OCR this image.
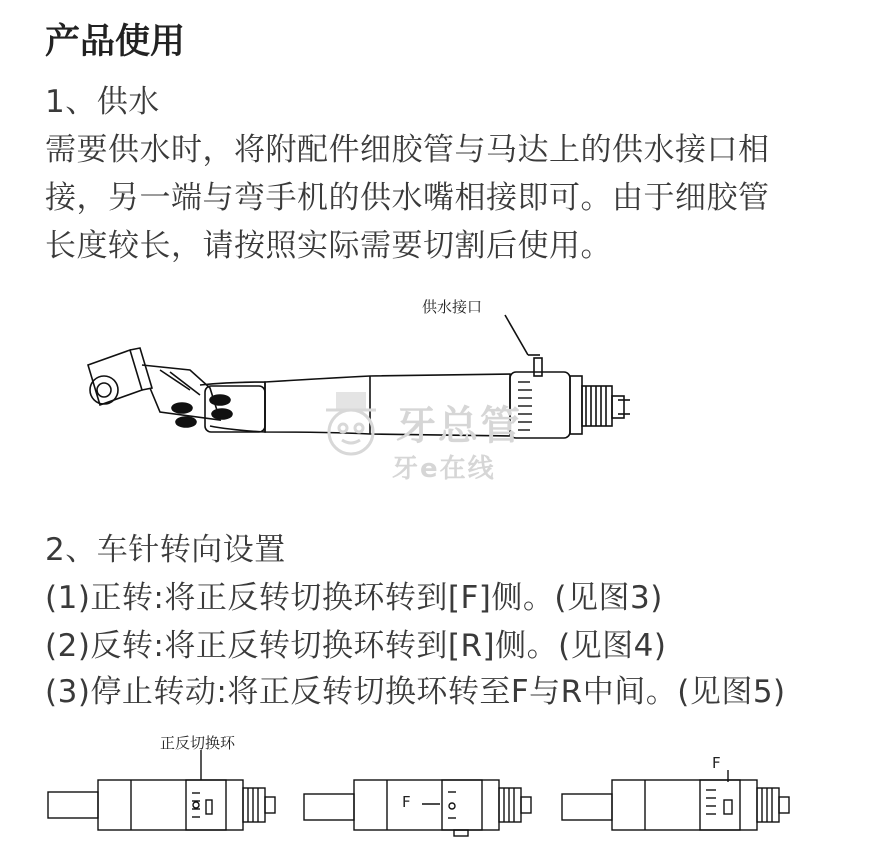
产品使用
1、供水
需要供水时，将附配件细胶管与马达上的供水接口相
接，另一端与弯手机的供水嘴相接即可。由于细胶管
长度较长，请按照实际需要切割后使用。
供水接口
牙总管
牙e在线
2、车针转向设置
(1)正转:将正反转切换环转到[F]侧。(见图3)
(2)反转:将正反转切换环转到[R]侧。(见图4)
(3)停止转动:将正反转切换环转至F与R中间。(见图5)
正反切换环
F
F
